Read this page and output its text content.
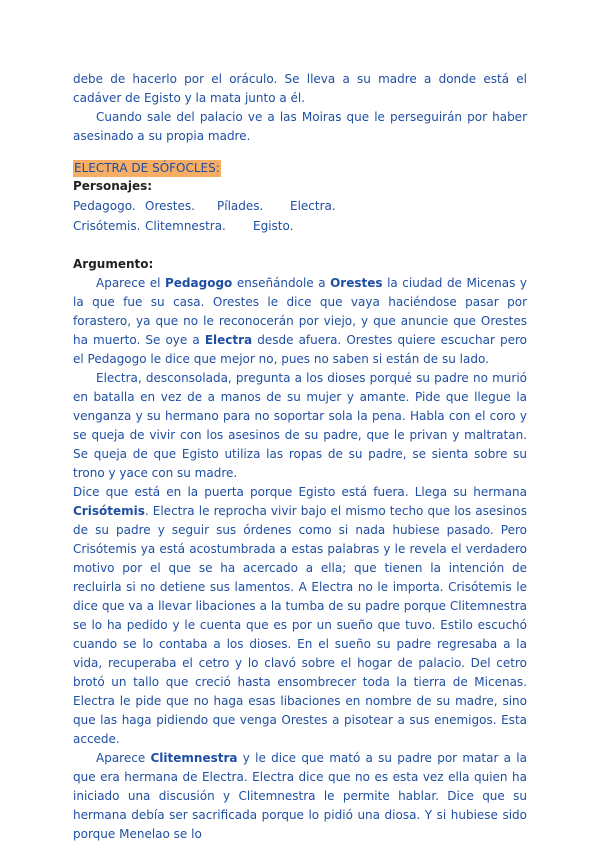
debe de hacerlo por el oráculo. Se lleva a su madre a donde está el cadáver de Egisto y la mata junto a él.

Cuando sale del palacio ve a las Moiras que le perseguirán por haber asesinado a su propia madre.

ELECTRA DE SÓFOCLES:

Personajes:

Pedagogo. Orestes.	Pílades.	Electra.
Crisótemis. Clitemnestra.	Egisto.

Argumento:

Aparece el Pedagogo enseñándole a Orestes la ciudad de Micenas y la que fue su casa. Orestes le dice que vaya haciéndose pasar por forastero, ya que no le reconocerán por viejo, y que anuncie que Orestes ha muerto. Se oye a Electra desde afuera. Orestes quiere escuchar pero el Pedagogo le dice que mejor no, pues no saben si están de su lado.

Electra, desconsolada, pregunta a los dioses porqué su padre no murió en batalla en vez de a manos de su mujer y amante. Pide que llegue la venganza y su hermano para no soportar sola la pena. Habla con el coro y se queja de vivir con los asesinos de su padre, que le privan y maltratan. Se queja de que Egisto utiliza las ropas de su padre, se sienta sobre su trono y yace con su madre.

Dice que está en la puerta porque Egisto está fuera. Llega su hermana Crisótemis. Electra le reprocha vivir bajo el mismo techo que los asesinos de su padre y seguir sus órdenes como si nada hubiese pasado. Pero Crisótemis ya está acostumbrada a estas palabras y le revela el verdadero motivo por el que se ha acercado a ella; que tienen la intención de recluirla si no detiene sus lamentos. A Electra no le importa. Crisótemis le dice que va a llevar libaciones a la tumba de su padre porque Clitemnestra se lo ha pedido y le cuenta que es por un sueño que tuvo. Estilo escuchó cuando se lo contaba a los dioses. En el sueño su padre regresaba a la vida, recuperaba el cetro y lo clavó sobre el hogar de palacio. Del cetro brotó un tallo que creció hasta ensombrecer toda la tierra de Micenas. Electra le pide que no haga esas libaciones en nombre de su madre, sino que las haga pidiendo que venga Orestes a pisotear a sus enemigos. Esta accede.

Aparece Clitemnestra y le dice que mató a su padre por matar a la que era hermana de Electra. Electra dice que no es esta vez ella quien ha iniciado una discusión y Clitemnestra le permite hablar. Dice que su hermana debía ser sacrificada porque lo pidió una diosa. Y si hubiese sido porque Menelao se lo
